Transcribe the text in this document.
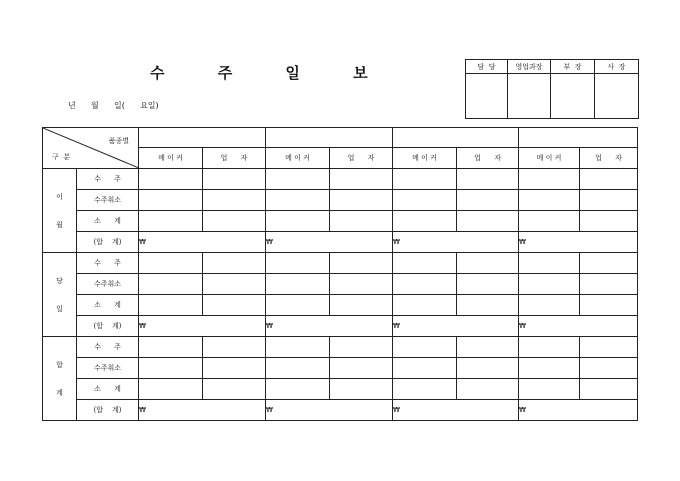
수 주 일 보
년      월      일(      요일)
담  당	영업과장	부  장	사  장

품종별

구  분									

		메 이 커	업      자	메 이 커	업      자	메 이 커	업      자	메 이 커	업      자

이

월	수      주								
	수주취소								
	소      계								
	(합    계)	₩		₩		₩		₩	

당

일	수      주								
	수주취소								
	소      계								
	(합    계)	₩		₩		₩		₩	

합

계	수      주								
	수주취소								
	소      계								
	(합    계)	₩		₩		₩		₩	
